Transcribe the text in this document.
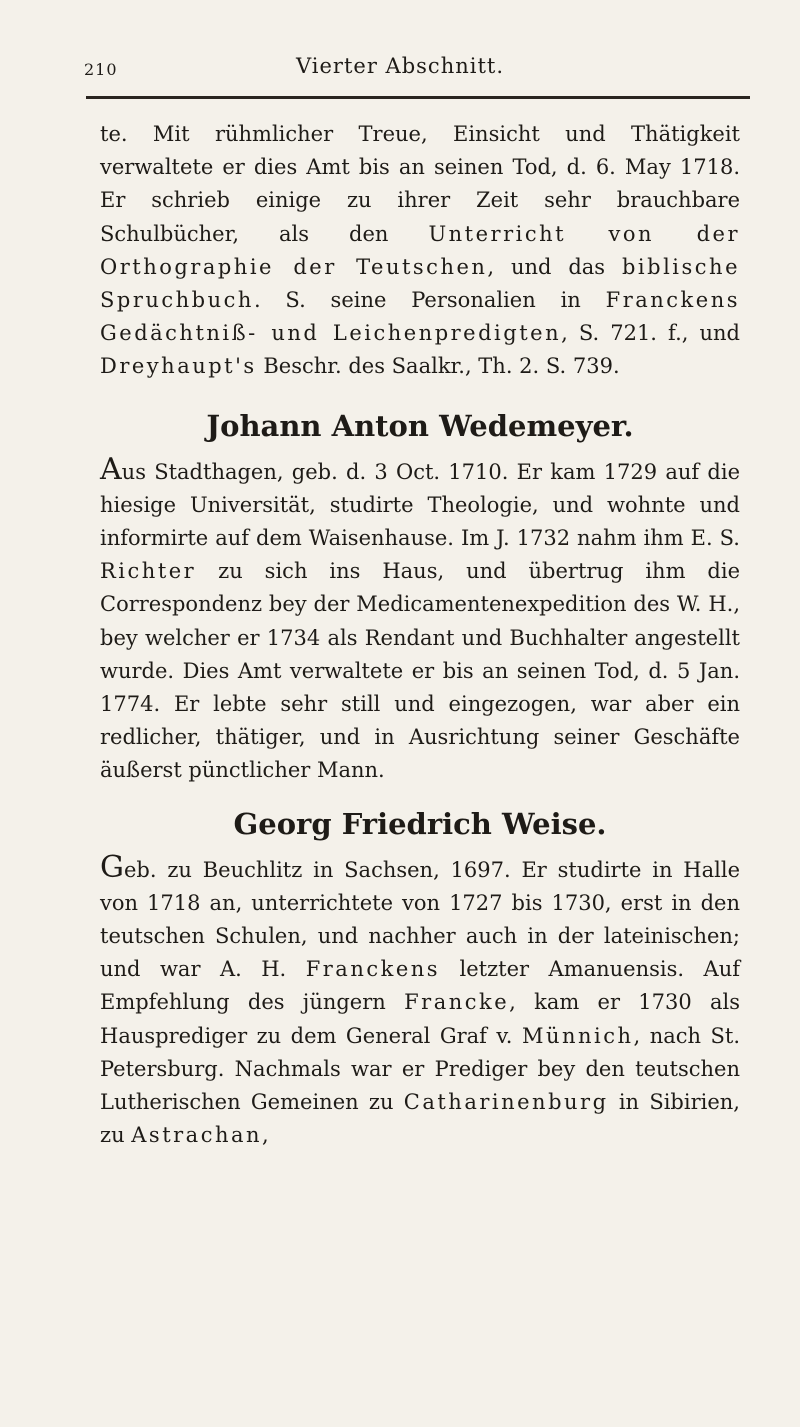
210	Vierter Abschnitt.

te. Mit rühmlicher Treue, Einsicht und Thätigkeit verwaltete er dies Amt bis an seinen Tod, d. 6. May 1718. Er schrieb einige zu ihrer Zeit sehr brauchbare Schulbücher, als den Unterricht von der Orthographie der Teutschen, und das biblische Spruchbuch. S. seine Personalien in Franckens Gedächtniß- und Leichenpredigten, S. 721. f., und Dreyhaupt's Beschr. des Saalkr., Th. 2. S. 739.

Johann Anton Wedemeyer.

Aus Stadthagen, geb. d. 3 Oct. 1710. Er kam 1729 auf die hiesige Universität, studirte Theologie, und wohnte und informirte auf dem Waisenhause. Im J. 1732 nahm ihm E. S. Richter zu sich ins Haus, und übertrug ihm die Correspondenz bey der Medicamentenexpedition des W. H., bey welcher er 1734 als Rendant und Buchhalter angestellt wurde. Dies Amt verwaltete er bis an seinen Tod, d. 5 Jan. 1774. Er lebte sehr still und eingezogen, war aber ein redlicher, thätiger, und in Ausrichtung seiner Geschäfte äußerst pünctlicher Mann.

Georg Friedrich Weise.

Geb. zu Beuchlitz in Sachsen, 1697. Er studirte in Halle von 1718 an, unterrichtete von 1727 bis 1730, erst in den teutschen Schulen, und nachher auch in der lateinischen; und war A. H. Franckens letzter Amanuensis. Auf Empfehlung des jüngern Francke, kam er 1730 als Hausprediger zu dem General Graf v. Münnich, nach St. Petersburg. Nachmals war er Prediger bey den teutschen Lutherischen Gemeinen zu Catharinenburg in Sibirien, zu Astrachan,
